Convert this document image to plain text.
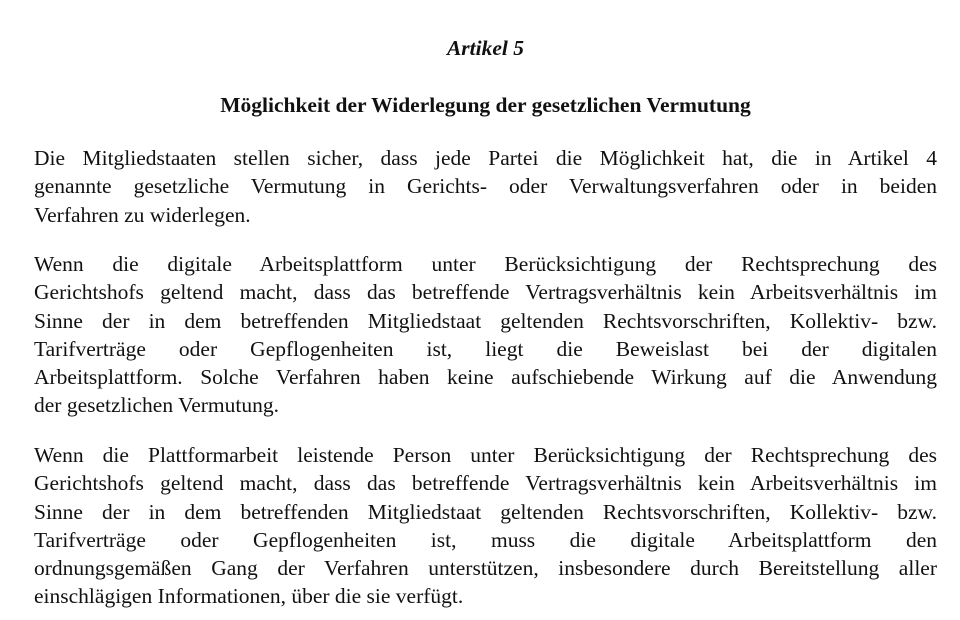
Artikel 5
Möglichkeit der Widerlegung der gesetzlichen Vermutung

Die Mitgliedstaaten stellen sicher, dass jede Partei die Möglichkeit hat, die in Artikel 4
genannte gesetzliche Vermutung in Gerichts- oder Verwaltungsverfahren oder in beiden
Verfahren zu widerlegen.

Wenn die digitale Arbeitsplattform unter Berücksichtigung der Rechtsprechung des
Gerichtshofs geltend macht, dass das betreffende Vertragsverhältnis kein Arbeitsverhältnis im
Sinne der in dem betreffenden Mitgliedstaat geltenden Rechtsvorschriften, Kollektiv- bzw.
Tarifverträge oder Gepflogenheiten ist, liegt die Beweislast bei der digitalen
Arbeitsplattform. Solche Verfahren haben keine aufschiebende Wirkung auf die Anwendung
der gesetzlichen Vermutung.

Wenn die Plattformarbeit leistende Person unter Berücksichtigung der Rechtsprechung des
Gerichtshofs geltend macht, dass das betreffende Vertragsverhältnis kein Arbeitsverhältnis im
Sinne der in dem betreffenden Mitgliedstaat geltenden Rechtsvorschriften, Kollektiv- bzw.
Tarifverträge oder Gepflogenheiten ist, muss die digitale Arbeitsplattform den
ordnungsgemäßen Gang der Verfahren unterstützen, insbesondere durch Bereitstellung aller
einschlägigen Informationen, über die sie verfügt.
